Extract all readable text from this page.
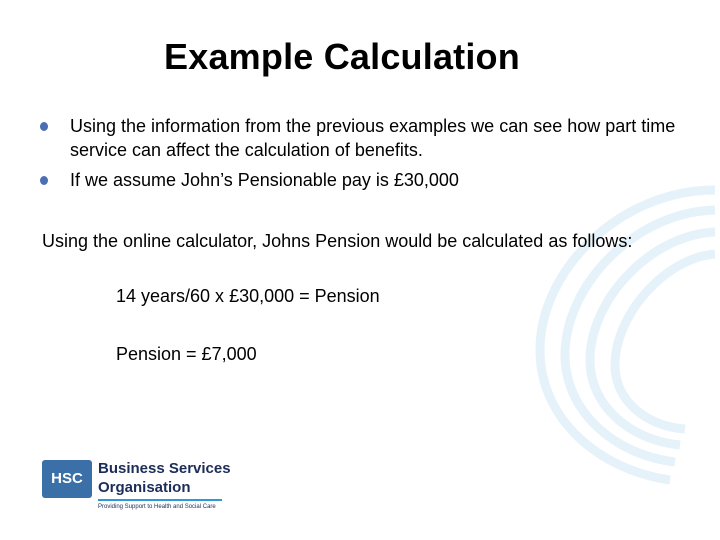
Example Calculation
Using the information from the previous examples we can see how part time service can affect the calculation of benefits.
If we assume John’s Pensionable pay is £30,000
Using the online calculator, Johns Pension would be calculated as follows:
14 years/60 x £30,000 = Pension
Pension = £7,000
HSC
Business Services
Organisation
Providing Support to Health and Social Care
